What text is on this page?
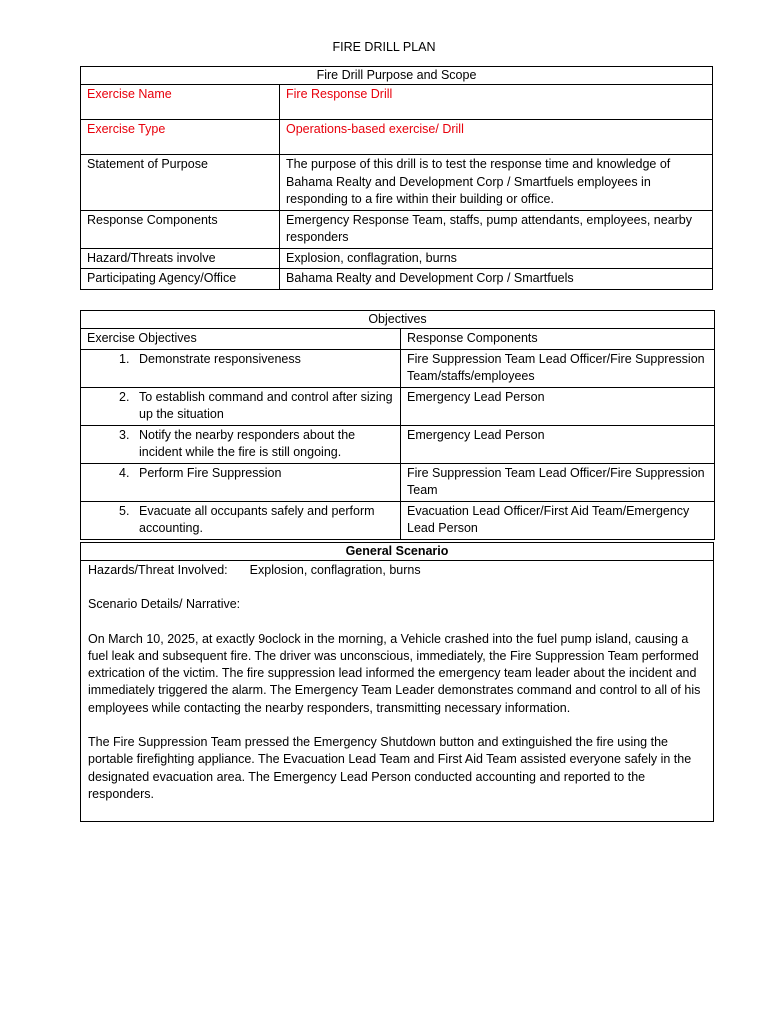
FIRE DRILL PLAN
Fire Drill Purpose and Scope	
Exercise Name	Fire Response Drill
Exercise Type	Operations-based exercise/ Drill
Statement of Purpose	The purpose of this drill is to test the response time and knowledge of Bahama Realty and Development Corp / Smartfuels employees in responding to a fire within their building or office.
Response Components	Emergency Response Team, staffs, pump attendants, employees, nearby responders
Hazard/Threats involve	Explosion, conflagration, burns
Participating Agency/Office	Bahama Realty and Development Corp / Smartfuels
Objectives	
Exercise Objectives	Response Components

1. Demonstrate responsiveness	Fire Suppression Team Lead Officer/Fire Suppression Team/staffs/employees

2. To establish command and control after sizing up the situation	Emergency Lead Person

3. Notify the nearby responders about the incident while the fire is still ongoing.	Emergency Lead Person

4. Perform Fire Suppression	Fire Suppression Team Lead Officer/Fire Suppression Team

5. Evacuate all occupants safely and perform accounting.	Evacuation Lead Officer/First Aid Team/Emergency Lead Person
General Scenario

Hazards/Threat Involved: Explosion, conflagration, burns

Scenario Details/ Narrative:

On March 10, 2025, at exactly 9oclock in the morning, a Vehicle crashed into the fuel pump island, causing a fuel leak and subsequent fire. The driver was unconscious, immediately, the Fire Suppression Team performed extrication of the victim. The fire suppression lead informed the emergency team leader about the incident and immediately triggered the alarm. The Emergency Team Leader demonstrates command and control to all of his employees while contacting the nearby responders, transmitting necessary information.

The Fire Suppression Team pressed the Emergency Shutdown button and extinguished the fire using the portable firefighting appliance. The Evacuation Lead Team and First Aid Team assisted everyone safely in the designated evacuation area. The Emergency Lead Person conducted accounting and reported to the responders.
